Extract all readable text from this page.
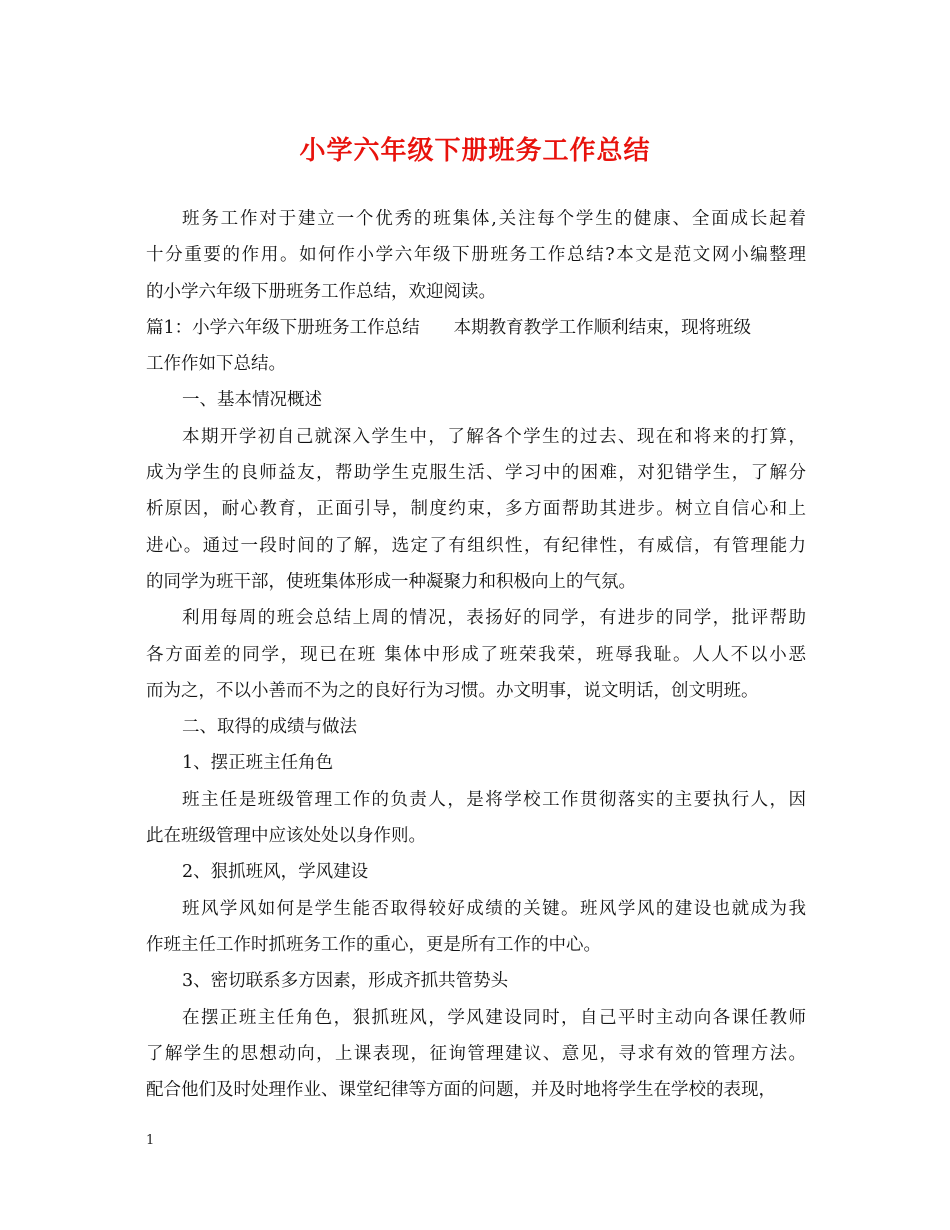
小学六年级下册班务工作总结
班务工作对于建立一个优秀的班集体,关注每个学生的健康、全面成长起着
十分重要的作用。如何作小学六年级下册班务工作总结?本文是范文网小编整理
的小学六年级下册班务工作总结，欢迎阅读。
篇1：小学六年级下册班务工作总结 本期教育教学工作顺利结束，现将班级
工作作如下总结。
一、基本情况概述
本期开学初自己就深入学生中，了解各个学生的过去、现在和将来的打算，
成为学生的良师益友，帮助学生克服生活、学习中的困难，对犯错学生，了解分
析原因，耐心教育，正面引导，制度约束，多方面帮助其进步。树立自信心和上
进心。通过一段时间的了解，选定了有组织性，有纪律性，有威信，有管理能力
的同学为班干部，使班集体形成一种凝聚力和积极向上的气氛。
利用每周的班会总结上周的情况，表扬好的同学，有进步的同学，批评帮助
各方面差的同学，现已在班 集体中形成了班荣我荣，班辱我耻。人人不以小恶
而为之，不以小善而不为之的良好行为习惯。办文明事，说文明话，创文明班。
二、取得的成绩与做法
1、摆正班主任角色
班主任是班级管理工作的负责人，是将学校工作贯彻落实的主要执行人，因
此在班级管理中应该处处以身作则。
2、狠抓班风，学风建设
班风学风如何是学生能否取得较好成绩的关键。班风学风的建设也就成为我
作班主任工作时抓班务工作的重心，更是所有工作的中心。
3、密切联系多方因素，形成齐抓共管势头
在摆正班主任角色，狠抓班风，学风建设同时，自己平时主动向各课任教师
了解学生的思想动向，上课表现，征询管理建议、意见，寻求有效的管理方法。
配合他们及时处理作业、课堂纪律等方面的问题，并及时地将学生在学校的表现，
1
